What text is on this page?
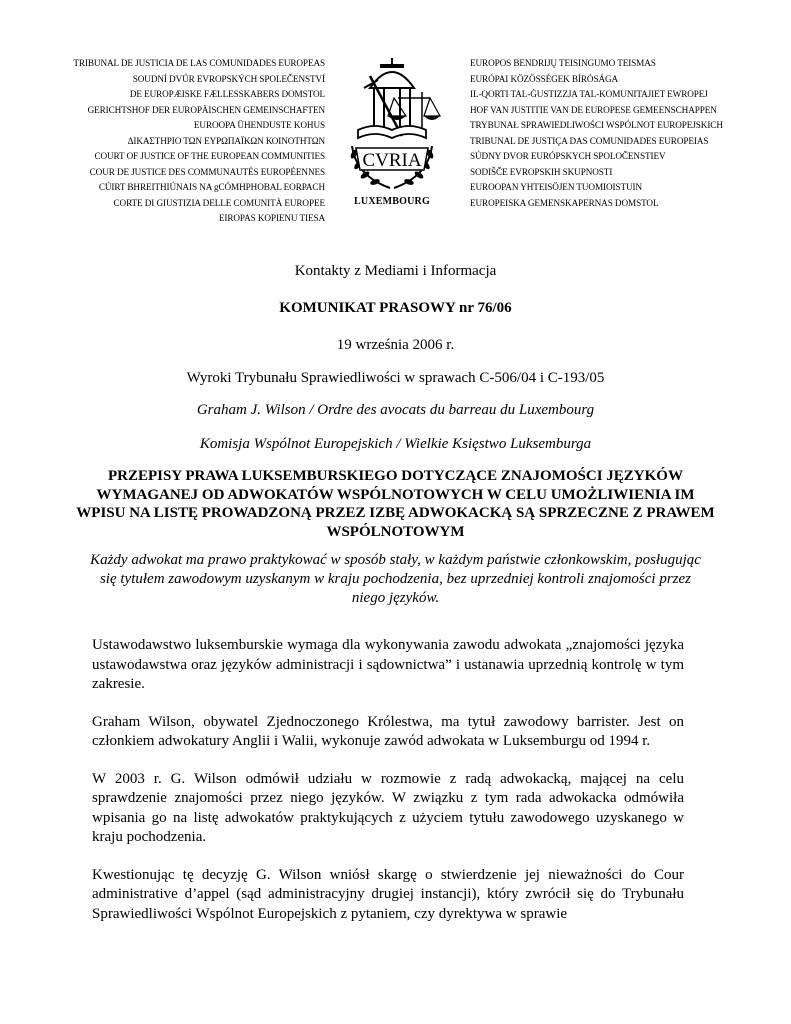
TRIBUNAL DE JUSTICIA DE LAS COMUNIDADES EUROPEAS
SOUDNÍ DVŮR EVROPSKÝCH SPOLEČENSTVÍ
DE EUROPÆISKE FÆLLESSKABERS DOMSTOL
GERICHTSHOF DER EUROPÄISCHEN GEMEINSCHAFTEN
EUROOPA ÜHENDUSTE KOHUS
ΔΙΚΑΣΤΗΡΙΟ ΤΩΝ ΕΥΡΩΠΑΪΚΩΝ ΚΟΙΝΟΤΗΤΩΝ
COURT OF JUSTICE OF THE EUROPEAN COMMUNITIES
COUR DE JUSTICE DES COMMUNAUTÉS EUROPÉENNES
CÚIRT BHREITHIÚNAIS NA gCÓMHPHOBAL EORPACH
CORTE DI GIUSTIZIA DELLE COMUNITÀ EUROPEE
EIROPAS KOPIENU TIESA
CVRIA
LUXEMBOURG
EUROPOS BENDRIJŲ TEISINGUMO TEISMAS
EURÓPAI KÖZÖSSÉGEK BÍRÓSÁGA
IL-QORTI TAL-ĠUSTIZZJA TAL-KOMUNITAJIET EWROPEJ
HOF VAN JUSTITIE VAN DE EUROPESE GEMEENSCHAPPEN
TRYBUNAŁ SPRAWIEDLIWOŚCI WSPÓLNOT EUROPEJSKICH
TRIBUNAL DE JUSTIÇA DAS COMUNIDADES EUROPEIAS
SÚDNY DVOR EURÓPSKYCH SPOLOČENSTIEV
SODIŠČE EVROPSKIH SKUPNOSTI
EUROOPAN YHTEISÖJEN TUOMIOISTUIN
EUROPEISKA GEMENSKAPERNAS DOMSTOL
Kontakty z Mediami i Informacja
KOMUNIKAT PRASOWY nr 76/06
19 września 2006 r.
Wyroki Trybunału Sprawiedliwości w sprawach C-506/04 i C-193/05
Graham J. Wilson / Ordre des avocats du barreau du Luxembourg
Komisja Wspólnot Europejskich / Wielkie Księstwo Luksemburga
PRZEPISY PRAWA LUKSEMBURSKIEGO DOTYCZĄCE ZNAJOMOŚCI JĘZYKÓW WYMAGANEJ OD ADWOKATÓW WSPÓLNOTOWYCH W CELU UMOŻLIWIENIA IM WPISU NA LISTĘ PROWADZONĄ PRZEZ IZBĘ ADWOKACKĄ SĄ SPRZECZNE Z PRAWEM WSPÓLNOTOWYM
Każdy adwokat ma prawo praktykować w sposób stały, w każdym państwie członkowskim, posługując się tytułem zawodowym uzyskanym w kraju pochodzenia, bez uprzedniej kontroli znajomości przez niego języków.

Ustawodawstwo luksemburskie wymaga dla wykonywania zawodu adwokata „znajomości języka ustawodawstwa oraz języków administracji i sądownictwa” i ustanawia uprzednią kontrolę w tym zakresie.

Graham Wilson, obywatel Zjednoczonego Królestwa, ma tytuł zawodowy barrister. Jest on członkiem adwokatury Anglii i Walii, wykonuje zawód adwokata w Luksemburgu od 1994 r.

W 2003 r. G. Wilson odmówił udziału w rozmowie z radą adwokacką, mającej na celu sprawdzenie znajomości przez niego języków. W związku z tym rada adwokacka odmówiła wpisania go na listę adwokatów praktykujących z użyciem tytułu zawodowego uzyskanego w kraju pochodzenia.

Kwestionując tę decyzję G. Wilson wniósł skargę o stwierdzenie jej nieważności do Cour administrative d’appel (sąd administracyjny drugiej instancji), który zwrócił się do Trybunału Sprawiedliwości Wspólnot Europejskich z pytaniem, czy dyrektywa w sprawie
